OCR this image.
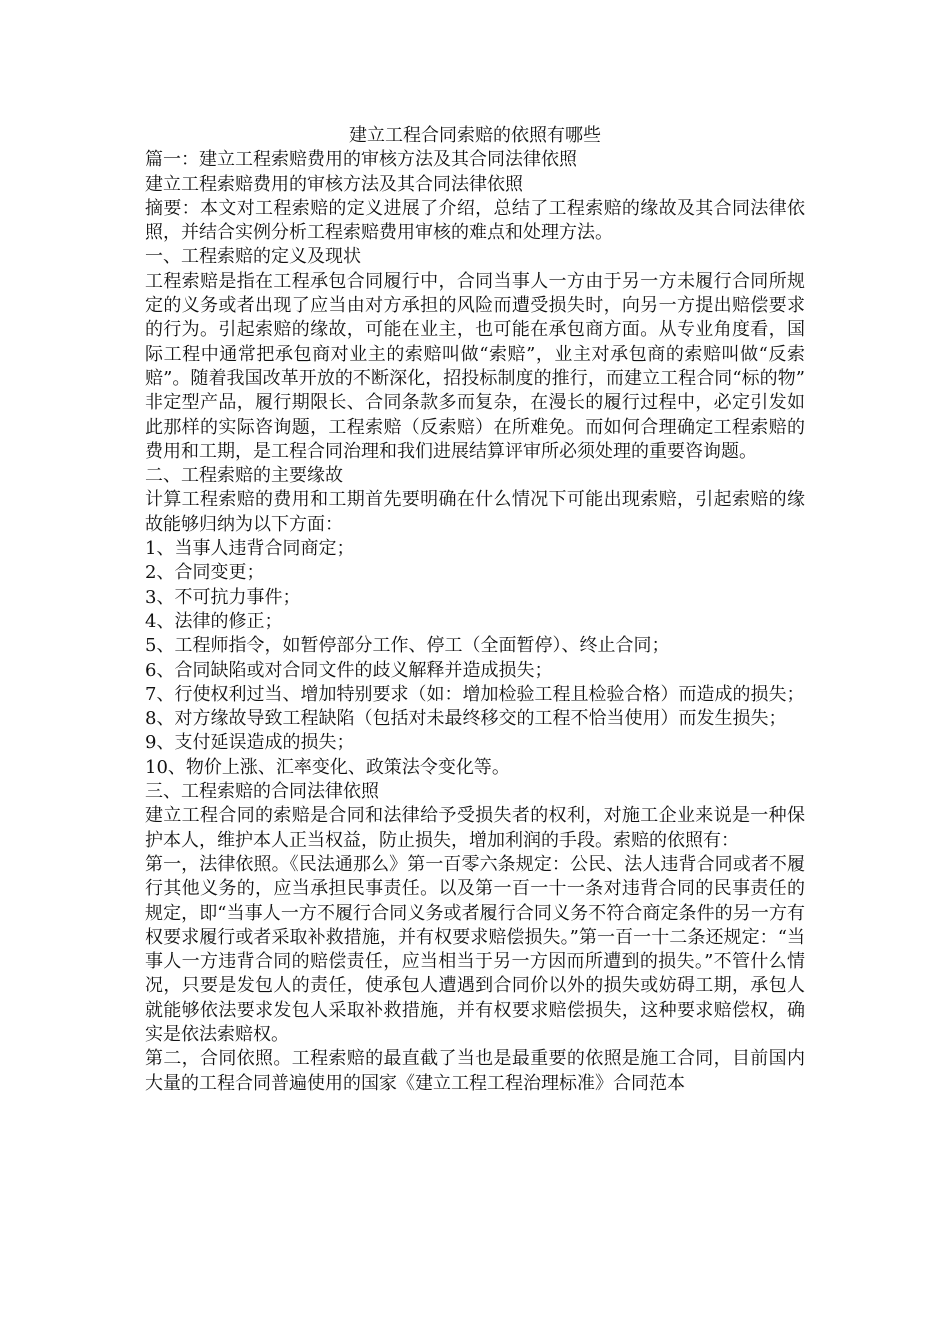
建立工程合同索赔的依照有哪些

篇一：建立工程索赔费用的审核方法及其合同法律依照

建立工程索赔费用的审核方法及其合同法律依照

摘要：本文对工程索赔的定义进展了介绍，总结了工程索赔的缘故及其合同法律依照，并结合实例分析工程索赔费用审核的难点和处理方法。

一、工程索赔的定义及现状

工程索赔是指在工程承包合同履行中，合同当事人一方由于另一方未履行合同所规定的义务或者出现了应当由对方承担的风险而遭受损失时，向另一方提出赔偿要求的行为。引起索赔的缘故，可能在业主，也可能在承包商方面。从专业角度看，国际工程中通常把承包商对业主的索赔叫做“索赔”，业主对承包商的索赔叫做“反索赔”。随着我国改革开放的不断深化，招投标制度的推行，而建立工程合同“标的物” 非定型产品，履行期限长、合同条款多而复杂，在漫长的履行过程中，必定引发如此那样的实际咨询题，工程索赔（反索赔）在所难免。而如何合理确定工程索赔的费用和工期，是工程合同治理和我们进展结算评审所必须处理的重要咨询题。

二、工程索赔的主要缘故

计算工程索赔的费用和工期首先要明确在什么情况下可能出现索赔，引起索赔的缘故能够归纳为以下方面：

1、当事人违背合同商定；

2、合同变更；

3、不可抗力事件；

4、法律的修正；

5、工程师指令，如暂停部分工作、停工（全面暂停）、终止合同；

6、合同缺陷或对合同文件的歧义解释并造成损失；

7、行使权利过当、增加特别要求（如：增加检验工程且检验合格）而造成的损失；

8、对方缘故导致工程缺陷（包括对未最终移交的工程不恰当使用）而发生损失；

9、支付延误造成的损失；

10、物价上涨、汇率变化、政策法令变化等。

三、工程索赔的合同法律依照

建立工程合同的索赔是合同和法律给予受损失者的权利，对施工企业来说是一种保护本人，维护本人正当权益，防止损失，增加利润的手段。索赔的依照有：

第一，法律依照。《民法通那么》第一百零六条规定：公民、法人违背合同或者不履行其他义务的，应当承担民事责任。以及第一百一十一条对违背合同的民事责任的规定，即“当事人一方不履行合同义务或者履行合同义务不符合商定条件的另一方有权要求履行或者采取补救措施，并有权要求赔偿损失。”第一百一十二条还规定：“当事人一方违背合同的赔偿责任，应当相当于另一方因而所遭到的损失。”不管什么情况，只要是发包人的责任，使承包人遭遇到合同价以外的损失或妨碍工期，承包人就能够依法要求发包人采取补救措施，并有权要求赔偿损失，这种要求赔偿权，确实是依法索赔权。

第二，合同依照。工程索赔的最直截了当也是最重要的依照是施工合同，目前国内大量的工程合同普遍使用的国家《建立工程工程治理标准》合同范本
